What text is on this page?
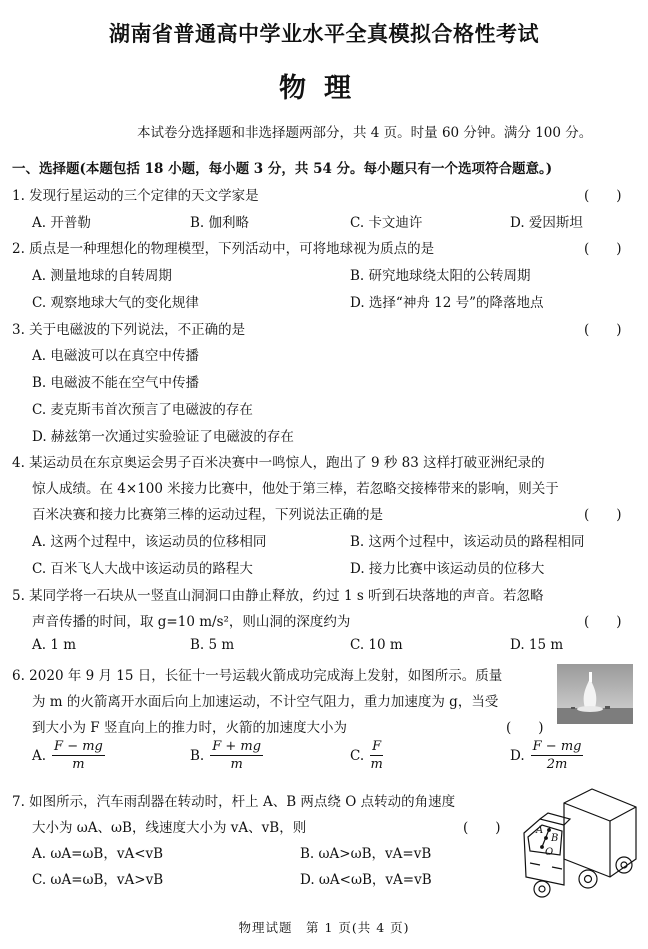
湖南省普通高中学业水平全真模拟合格性考试
物理
本试卷分选择题和非选择题两部分，共 4 页。时量 60 分钟。满分 100 分。
一、选择题(本题包括 18 小题，每小题 3 分，共 54 分。每小题只有一个选项符合题意。)
1. 发现行星运动的三个定律的天文学家是	(　　)
A. 开普勒	B. 伽利略	C. 卡文迪许	D. 爱因斯坦
2. 质点是一种理想化的物理模型，下列活动中，可将地球视为质点的是	(　　)
A. 测量地球的自转周期	B. 研究地球绕太阳的公转周期
C. 观察地球大气的变化规律	D. 选择“神舟 12 号”的降落地点
3. 关于电磁波的下列说法，不正确的是	(　　)
A. 电磁波可以在真空中传播
B. 电磁波不能在空气中传播
C. 麦克斯韦首次预言了电磁波的存在
D. 赫兹第一次通过实验验证了电磁波的存在
4. 某运动员在东京奥运会男子百米决赛中一鸣惊人，跑出了 9 秒 83 这样打破亚洲纪录的
惊人成绩。在 4×100 米接力比赛中，他处于第三棒，若忽略交接棒带来的影响，则关于
百米决赛和接力比赛第三棒的运动过程，下列说法正确的是	(　　)
A. 这两个过程中，该运动员的位移相同	B. 这两个过程中，该运动员的路程相同
C. 百米飞人大战中该运动员的路程大	D. 接力比赛中该运动员的位移大
5. 某同学将一石块从一竖直山洞洞口由静止释放，约过 1 s 听到石块落地的声音。若忽略
声音传播的时间，取 g=10 m/s²，则山洞的深度约为	(　　)
A. 1 m	B. 5 m	C. 10 m	D. 15 m
6. 2020 年 9 月 15 日，长征十一号运载火箭成功完成海上发射，如图所示。质量
为 m 的火箭离开水面后向上加速运动，不计空气阻力，重力加速度为 g，当受
到大小为 F 竖直向上的推力时，火箭的加速度大小为	(　　)
A. $\frac{F - mg}{m}$	B. $\frac{F + mg}{m}$	C. $\frac{F}{m}$	D. $\frac{F - mg}{2m}$
7. 如图所示，汽车雨刮器在转动时，杆上 A、B 两点绕 O 点转动的角速度
大小为 ωA、ωB，线速度大小为 vA、vB，则	(　　)
A. ωA=ωB，vA<vB	B. ωA>ωB，vA=vB
C. ωA=ωB，vA>vB	D. ωA<ωB，vA=vB
A
B
O
物理试题　第 1 页(共 4 页)
